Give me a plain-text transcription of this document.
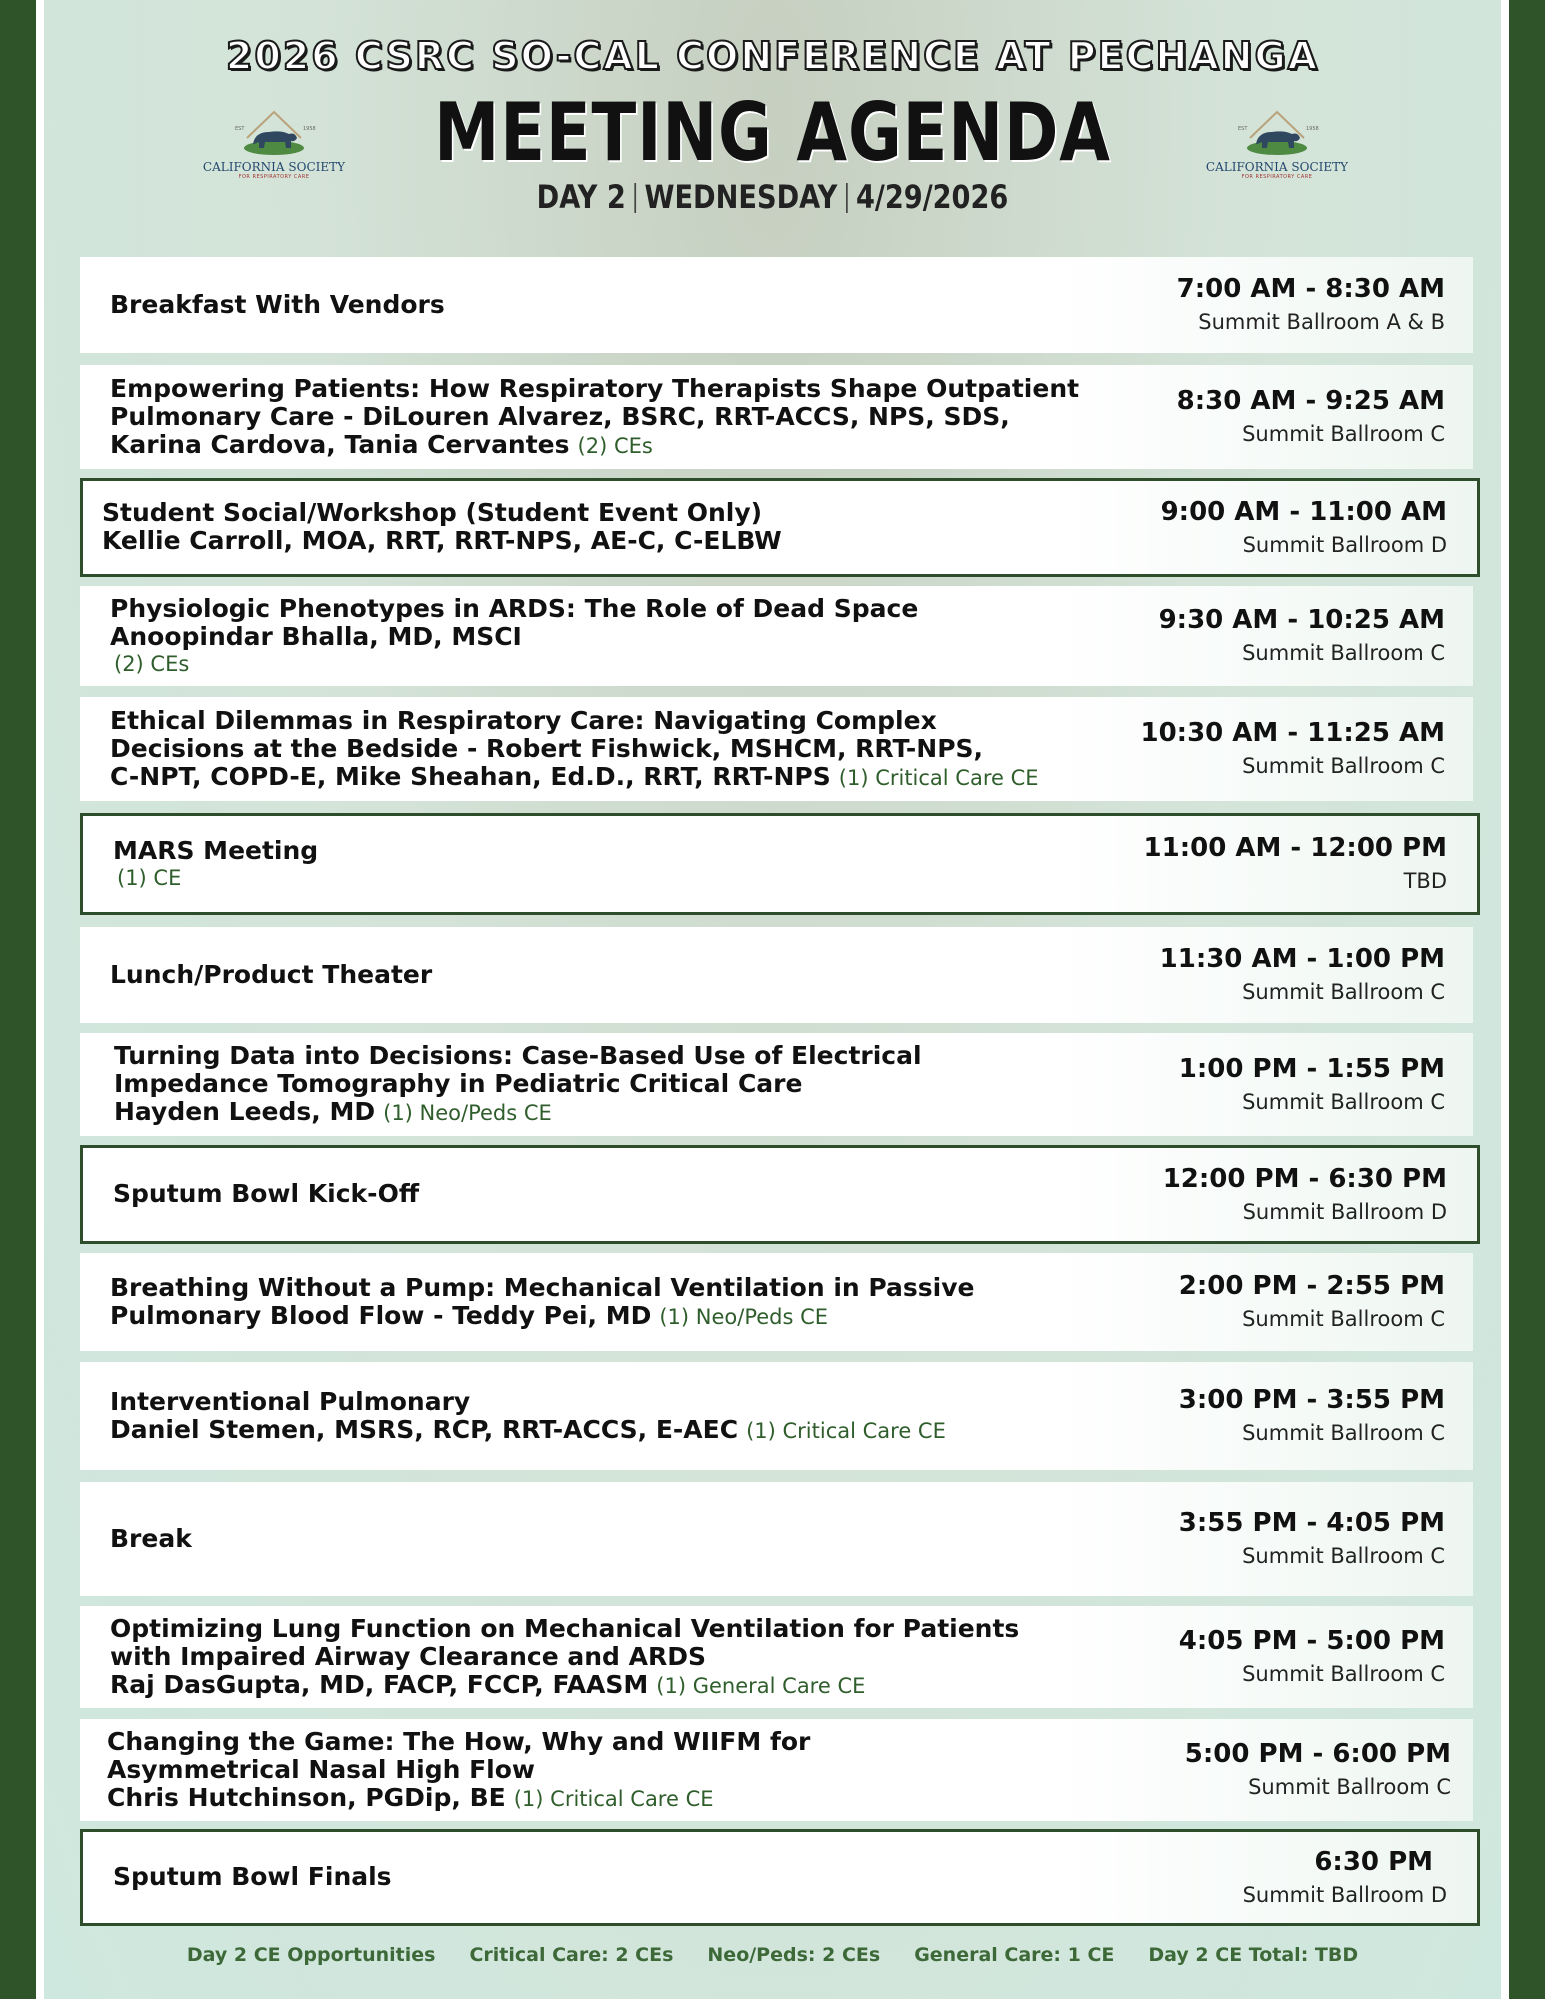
2026 CSRC SO-CAL CONFERENCE AT PECHANGA
MEETING AGENDA
DAY 2 WEDNESDAY 4/29/2026
EST	1958
CALIFORNIA SOCIETY
FOR RESPIRATORY CARE
EST	1958
CALIFORNIA SOCIETY
FOR RESPIRATORY CARE
Breakfast With Vendors	7:00 AM - 8:30 AM
Summit Ballroom A & B
Empowering Patients: How Respiratory Therapists Shape Outpatient
Pulmonary Care - DiLouren Alvarez, BSRC, RRT-ACCS, NPS, SDS,
Karina Cardova, Tania Cervantes (2) CEs
8:30 AM - 9:25 AM
Summit Ballroom C
Student Social/Workshop (Student Event Only)
Kellie Carroll, MOA, RRT, RRT-NPS, AE-C, C-ELBW
9:00 AM - 11:00 AM
Summit Ballroom D
Physiologic Phenotypes in ARDS: The Role of Dead Space
Anoopindar Bhalla, MD, MSCI
(2) CEs
9:30 AM - 10:25 AM
Summit Ballroom C
Ethical Dilemmas in Respiratory Care: Navigating Complex
Decisions at the Bedside - Robert Fishwick, MSHCM, RRT-NPS,
C-NPT, COPD-E, Mike Sheahan, Ed.D., RRT, RRT-NPS (1) Critical Care CE
10:30 AM - 11:25 AM
Summit Ballroom C
MARS Meeting
(1) CE
11:00 AM - 12:00 PM
TBD
Lunch/Product Theater	11:30 AM - 1:00 PM
Summit Ballroom C
Turning Data into Decisions: Case-Based Use of Electrical
Impedance Tomography in Pediatric Critical Care
Hayden Leeds, MD (1) Neo/Peds CE
1:00 PM - 1:55 PM
Summit Ballroom C
Sputum Bowl Kick-Off	12:00 PM - 6:30 PM
Summit Ballroom D
Breathing Without a Pump: Mechanical Ventilation in Passive
Pulmonary Blood Flow - Teddy Pei, MD (1) Neo/Peds CE
2:00 PM - 2:55 PM
Summit Ballroom C
Interventional Pulmonary
Daniel Stemen, MSRS, RCP, RRT-ACCS, E-AEC (1) Critical Care CE
3:00 PM - 3:55 PM
Summit Ballroom C
Break	3:55 PM - 4:05 PM
Summit Ballroom C
Optimizing Lung Function on Mechanical Ventilation for Patients
with Impaired Airway Clearance and ARDS
Raj DasGupta, MD, FACP, FCCP, FAASM (1) General Care CE
4:05 PM - 5:00 PM
Summit Ballroom C
Changing the Game: The How, Why and WIIFM for
Asymmetrical Nasal High Flow
Chris Hutchinson, PGDip, BE (1) Critical Care CE
5:00 PM - 6:00 PM
Summit Ballroom C
Sputum Bowl Finals	6:30 PM
Summit Ballroom D
Day 2 CE Opportunities Critical Care: 2 CEs Neo/Peds: 2 CEs General Care: 1 CE Day 2 CE Total: TBD
